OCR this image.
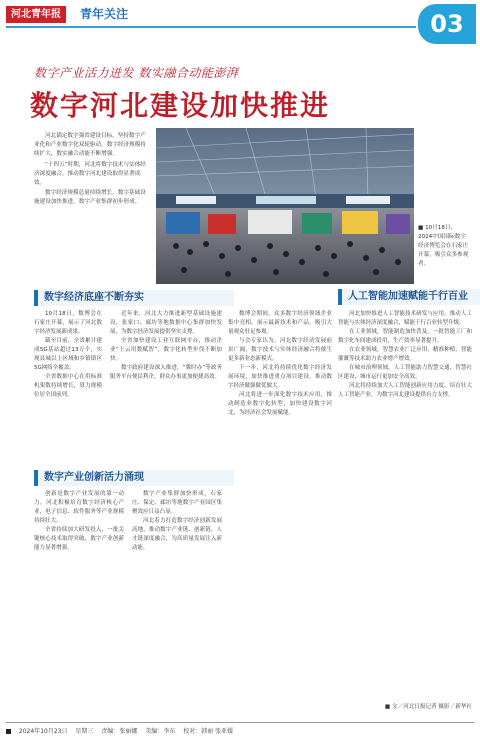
河北青年报	青年关注	03
数字产业活力迸发 数实融合动能澎湃
数字河北建设加快推进

河北锚定数字强省建设目标，坚持数字产业化和产业数字化双轮驱动，数字经济规模持续扩大，数实融合动能不断增强。

“十四五”时期，河北将数字技术与实体经济深度融合，推动数字河北建设取得显著成效。

数字经济规模总量持续增长，数字基础设施建设加快推进，数字产业集群初步形成。

■ 10月18日，2024中国国际数字经济博览会在石家庄开幕，吸引众多参观者。
数字经济底座不断夯实
数字产业创新活力涌现
人工智能加速赋能千行百业

10月18日，数博会在石家庄开幕，展示了河北数字经济发展新成果。

截至目前，全省累计建成5G基站超过13万个，实现县城以上区域和乡镇镇区5G网络全覆盖。

全省数据中心在用标准机架数持续增长，算力规模位居全国前列。

近年来，河北大力推进新型基础设施建设，张家口、廊坊等地数据中心集群加快发展，为数字经济发展提供坚实支撑。

全省加快建设工业互联网平台，推动企业“上云用数赋智”，数字化转型步伐不断加快。

数字政府建设深入推进，“冀时办”等政务服务平台便民利企，群众办事更加便捷高效。

创新是数字产业发展的第一动力。河北积极培育数字经济核心产业，电子信息、软件服务等产业规模持续壮大。

全省持续加大研发投入，一批关键核心技术取得突破，数字产业创新能力显著增强。

数字产业集群加快形成，石家庄、保定、廊坊等地数字产业园区集聚效应日益凸显。

河北着力打造数字经济创新发展高地，推动数字产业链、创新链、人才链深度融合，为高质量发展注入新动能。

数博会期间，众多数字经济领域企业集中亮相，展示最新技术和产品，吸引大量观众驻足参观。

与会专家认为，河北数字经济发展前景广阔，数字技术与实体经济融合将催生更多新业态新模式。

下一步，河北将持续优化数字经济发展环境，加快推进重点项目建设，推动数字经济做强做优做大。

河北将进一步深化数字技术应用，推动制造业数字化转型，加快建设数字河北，为经济社会发展赋能。

河北加快推进人工智能技术研发与应用，推动人工智能与实体经济深度融合，赋能千行百业转型升级。

在工业领域，智能制造加快普及，一批智能工厂和数字化车间建成投用，生产效率显著提升。

在农业领域，智慧农业广泛应用，精准种植、智能灌溉等技术助力农业增产增效。

在城市治理领域，人工智能助力智慧交通、智慧社区建设，城市运行更加安全高效。

河北将持续加大人工智能创新应用力度，培育壮大人工智能产业，为数字河北建设提供有力支撑。

■ 文／河北日报记者 摄影／新华社
2024年10月23日 星期三 责编：张丽娜 美编：李东 校对：韩丽 张亚媛
